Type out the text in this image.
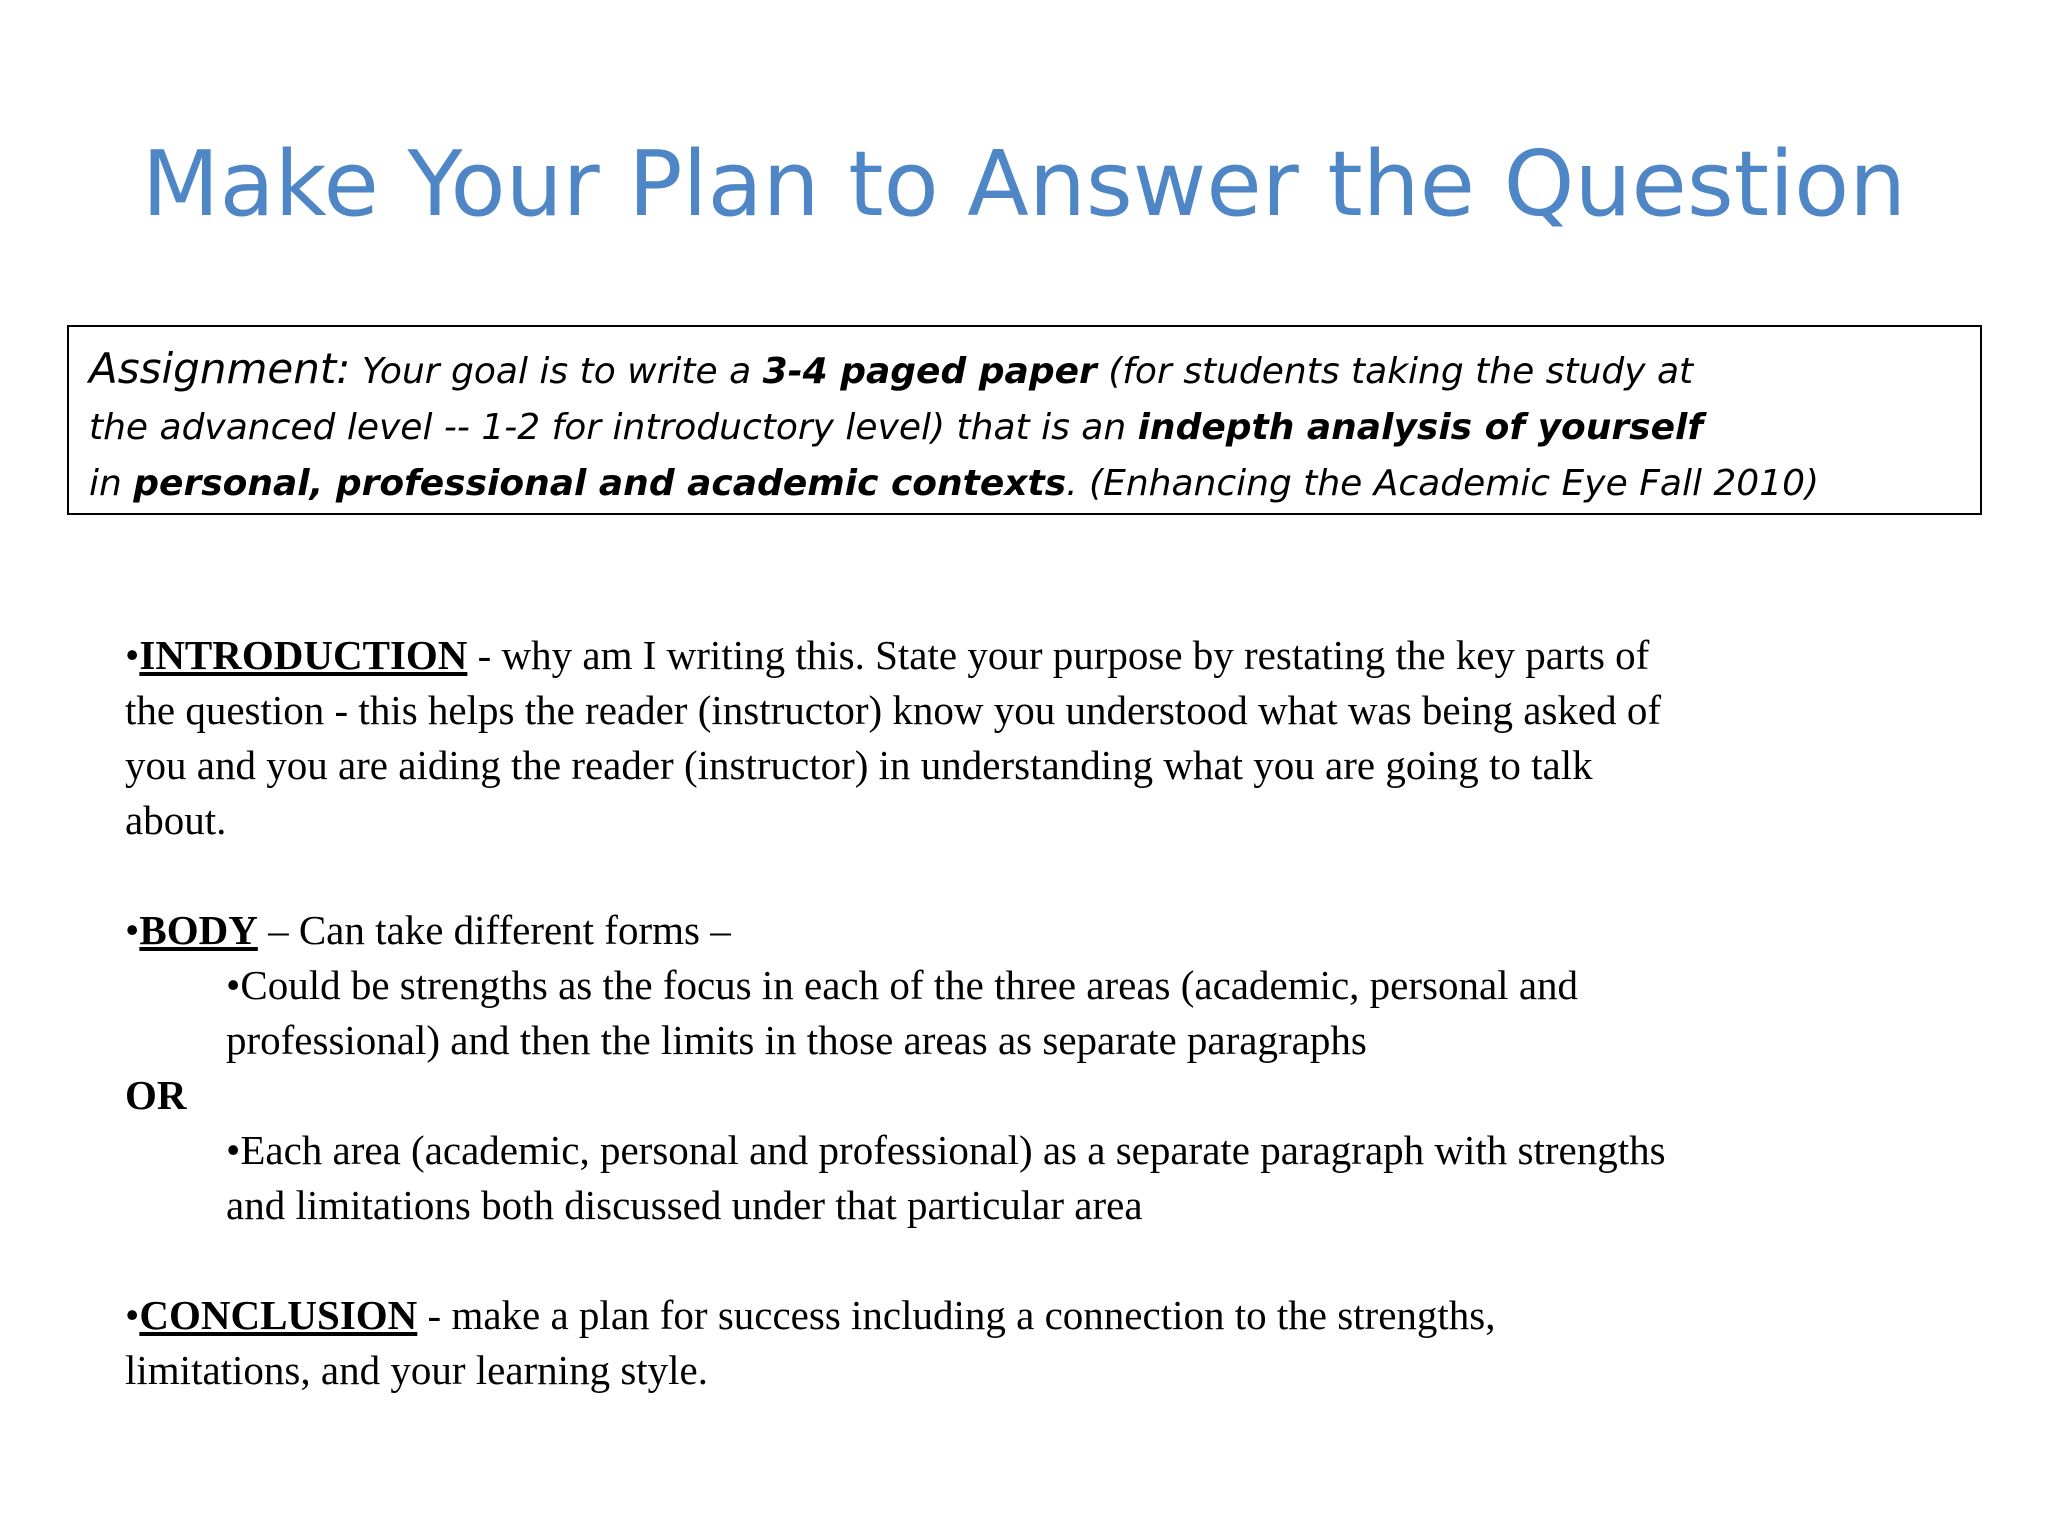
Make Your Plan to Answer the Question
Assignment: Your goal is to write a 3-4 paged paper (for students taking the study at
the advanced level -- 1-2 for introductory level) that is an indepth analysis of yourself
in personal, professional and academic contexts. (Enhancing the Academic Eye Fall 2010)
•INTRODUCTION - why am I writing this. State your purpose by restating the key parts of
the question - this helps the reader (instructor) know you understood what was being asked of
you and you are aiding the reader (instructor) in understanding what you are going to talk
about.
•BODY – Can take different forms –
•Could be strengths as the focus in each of the three areas (academic, personal and
professional) and then the limits in those areas as separate paragraphs
OR
•Each area (academic, personal and professional) as a separate paragraph with strengths
and limitations both discussed under that particular area
•CONCLUSION - make a plan for success including a connection to the strengths,
limitations, and your learning style.
